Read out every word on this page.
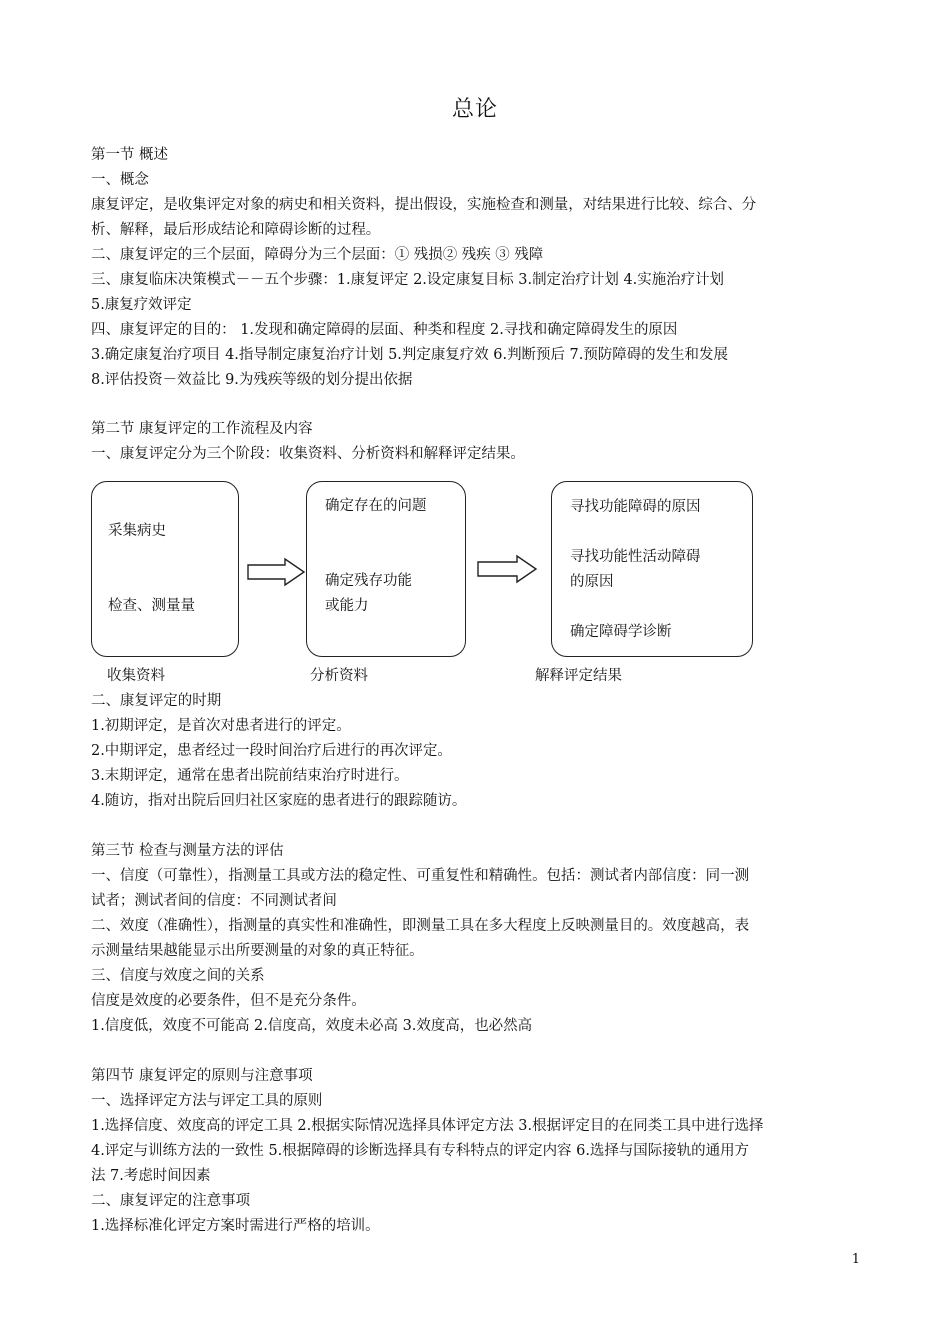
总论
第一节 概述
一、概念
康复评定，是收集评定对象的病史和相关资料，提出假设，实施检查和测量，对结果进行比较、综合、分
析、解释，最后形成结论和障碍诊断的过程。
二、康复评定的三个层面，障碍分为三个层面：① 残损② 残疾 ③ 残障
三、康复临床决策模式－－五个步骤：1.康复评定 2.设定康复目标 3.制定治疗计划 4.实施治疗计划
5.康复疗效评定
四、康复评定的目的： 1.发现和确定障碍的层面、种类和程度 2.寻找和确定障碍发生的原因
3.确定康复治疗项目 4.指导制定康复治疗计划 5.判定康复疗效 6.判断预后 7.预防障碍的发生和发展
8.评估投资－效益比 9.为残疾等级的划分提出依据
第二节 康复评定的工作流程及内容
一、康复评定分为三个阶段：收集资料、分析资料和解释评定结果。
采集病史
检查、测量量
确定存在的问题
确定残存功能
或能力
寻找功能障碍的原因
寻找功能性活动障碍
的原因
确定障碍学诊断
收集资料	分析资料	解释评定结果
二、康复评定的时期
1.初期评定，是首次对患者进行的评定。
2.中期评定，患者经过一段时间治疗后进行的再次评定。
3.末期评定，通常在患者出院前结束治疗时进行。
4.随访，指对出院后回归社区家庭的患者进行的跟踪随访。
第三节 检查与测量方法的评估
一、信度（可靠性），指测量工具或方法的稳定性、可重复性和精确性。包括：测试者内部信度：同一测
试者；测试者间的信度：不同测试者间
二、效度（准确性），指测量的真实性和准确性，即测量工具在多大程度上反映测量目的。效度越高，表
示测量结果越能显示出所要测量的对象的真正特征。
三、信度与效度之间的关系
信度是效度的必要条件，但不是充分条件。
1.信度低，效度不可能高 2.信度高，效度未必高 3.效度高，也必然高
第四节 康复评定的原则与注意事项
一、选择评定方法与评定工具的原则
1.选择信度、效度高的评定工具 2.根据实际情况选择具体评定方法 3.根据评定目的在同类工具中进行选择
4.评定与训练方法的一致性 5.根据障碍的诊断选择具有专科特点的评定内容 6.选择与国际接轨的通用方
法 7.考虑时间因素
二、康复评定的注意事项
1.选择标准化评定方案时需进行严格的培训。
1
